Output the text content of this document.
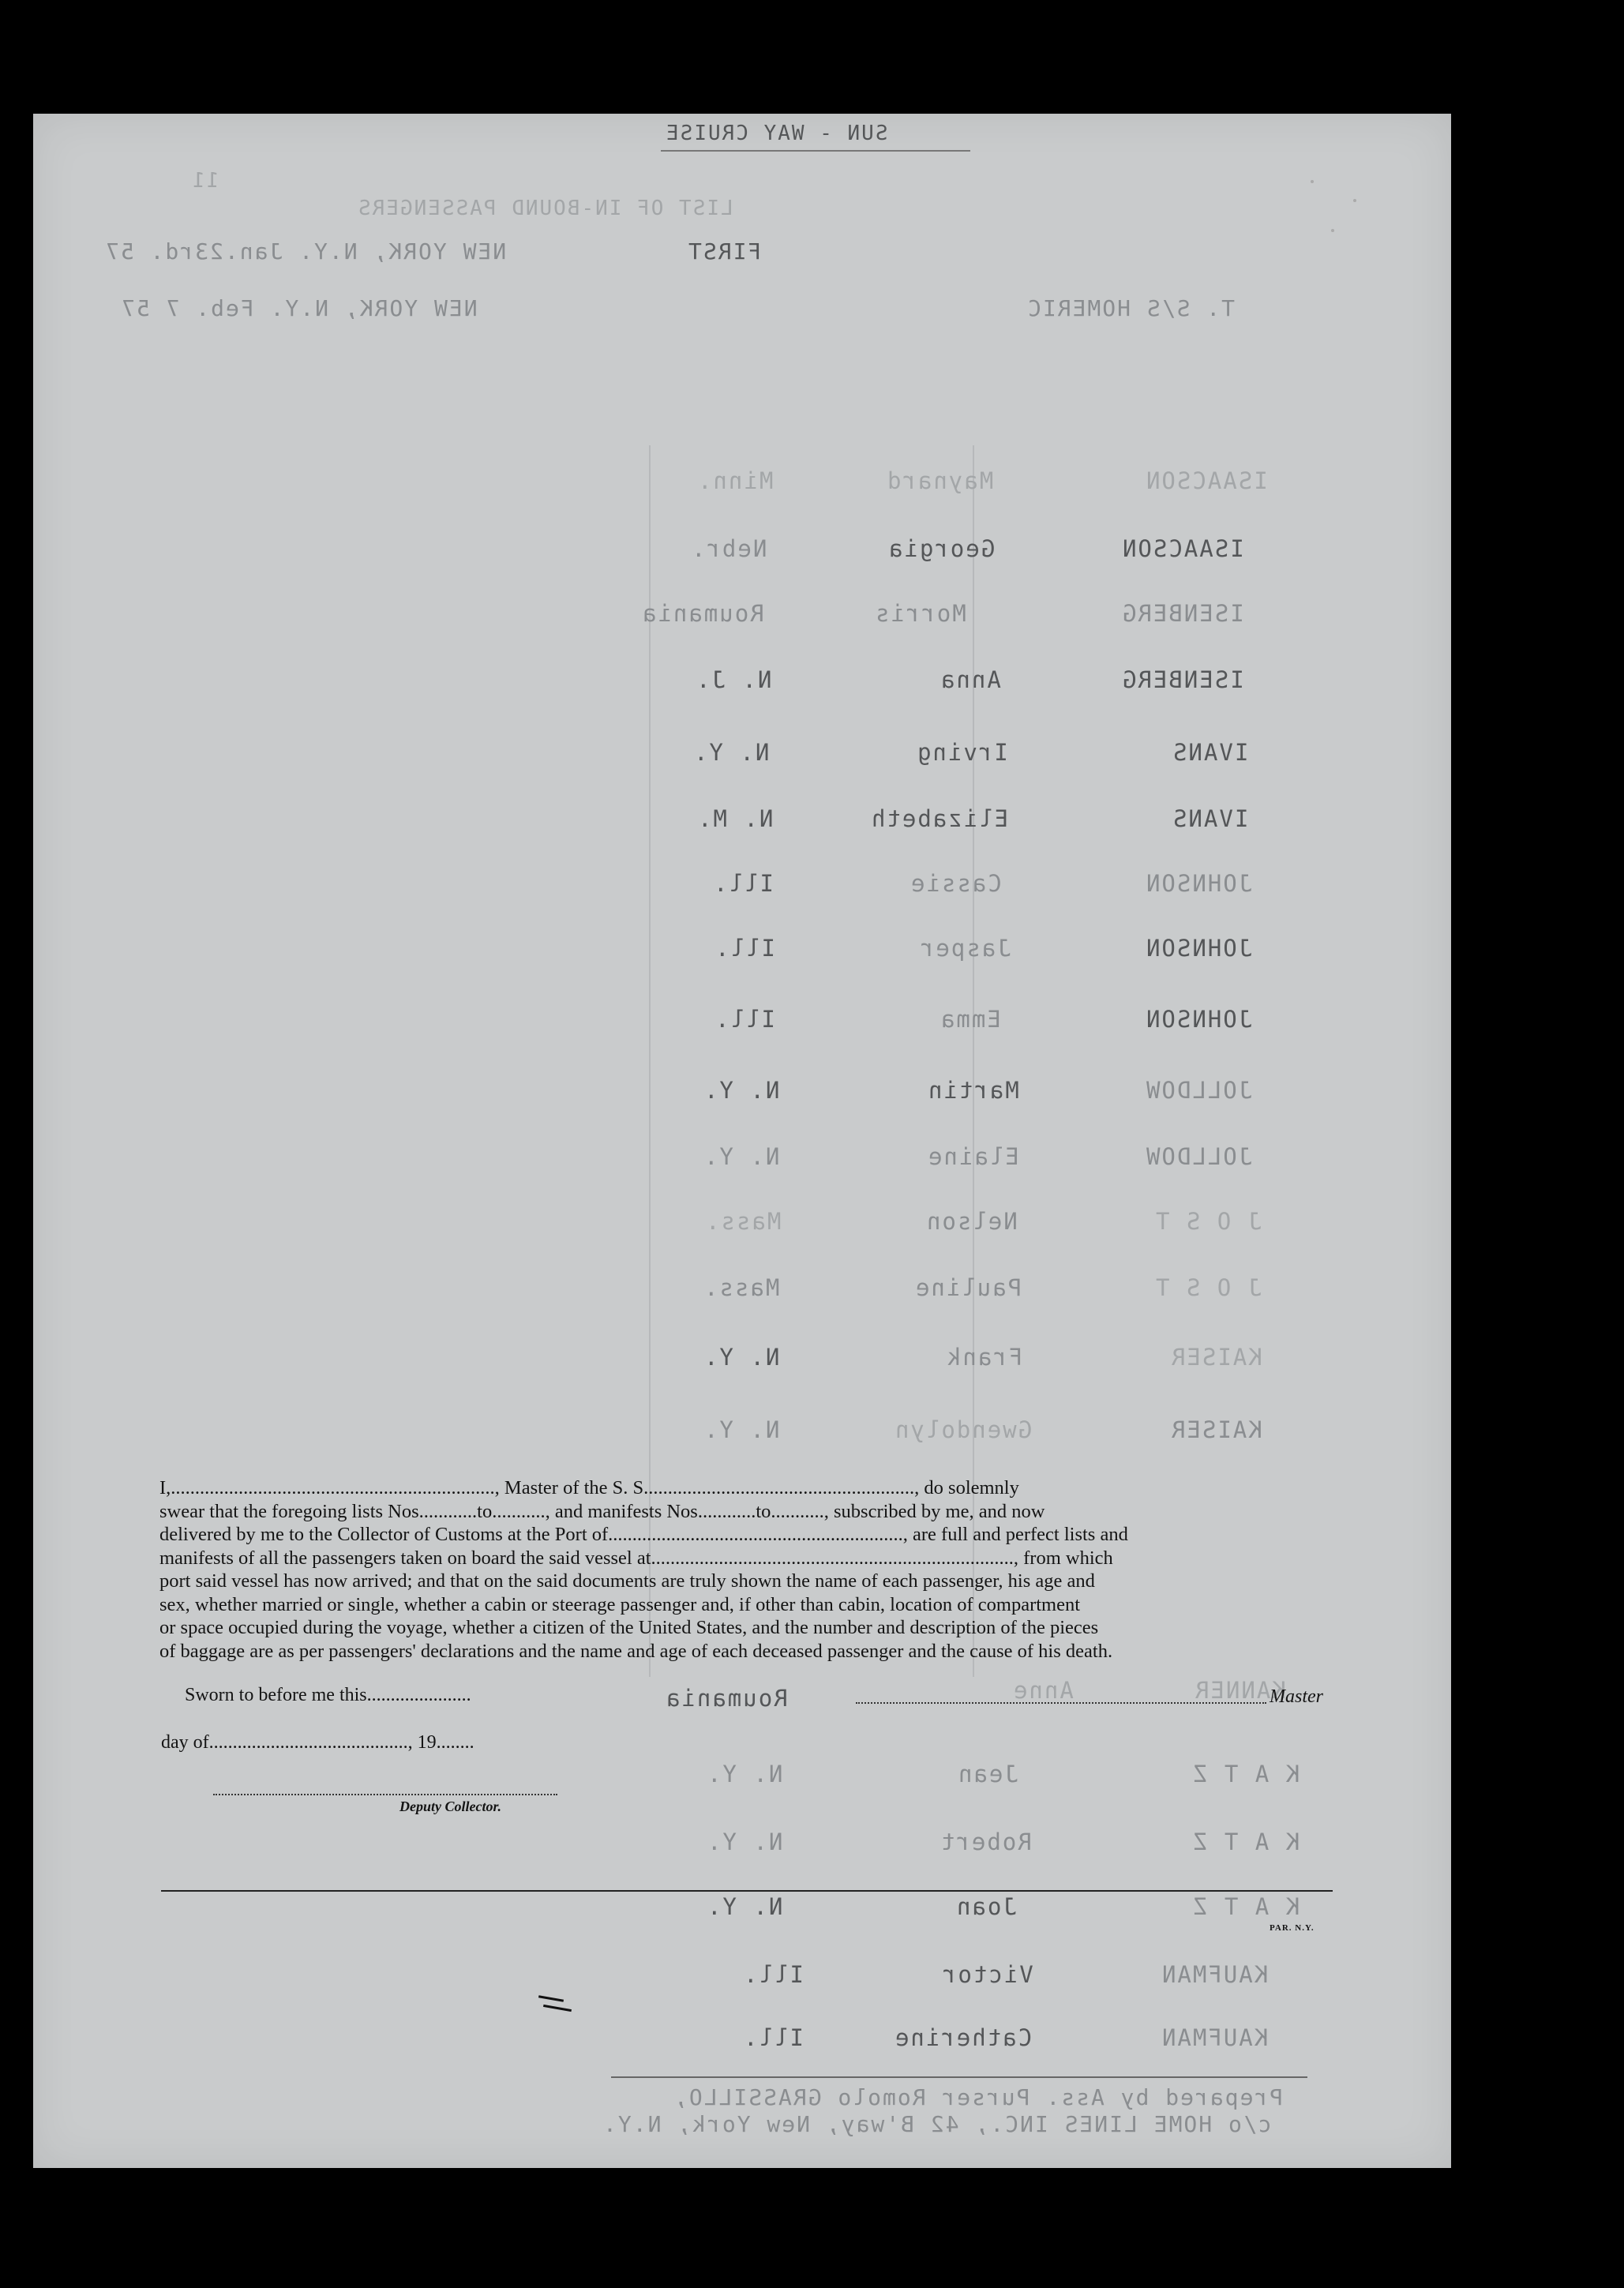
SUN - WAY CRUISE
11
LIST OF IN-BOUND PASSENGERS
FIRST
NEW YORK, N.Y. Jan.23rd. 57
NEW YORK, N.Y. Feb. 7 57	T. S/S HOMERIC
ISAACSON
Maynard
Minn.
ISAACSON
Georgia
Nebr.
ISENBERG
Morris
Roumania
ISENBERG
Anna
N. J.
IVANS
Irving
N. Y.
IVANS
Elizabeth
N. M.
JOHNSON
Cassie
Ill.
JOHNSON
Jasper
Ill.
JOHNSON
Emma
Ill.
JOLLDOW
Martin
N. Y.
JOLLDOW
Elaine
N. Y.
J O S T
Nelson
Mass.
J O S T
Pauline
Mass.
KAISER
Frank
N. Y.
KAISER
Gwendolyn
N. Y.
KANNER
Anne
Roumania
K A T Z
Jean
N. Y.
K A T Z
Robert
N. Y.
K A T Z
Joan
N. Y.
KAUFMAN
Victor
Ill.
KAUFMAN
Catherine
Ill.
Prepared by Ass. Purser Romolo GRASSILLO,
c/o HOME LINES INC., 42 B'way, New York, N.Y.

I,..................................................................., Master of the S. S........................................................, do solemnly

swear that the foregoing lists Nos............to..........., and manifests Nos............to..........., subscribed by me, and now

delivered by me to the Collector of Customs at the Port of............................................................., are full and perfect lists and

manifests of all the passengers taken on board the said vessel at..........................................................................., from which

port said vessel has now arrived; and that on the said documents are truly shown the name of each passenger, his age and

sex, whether married or single, whether a cabin or steerage passenger and, if other than cabin, location of compartment

or space occupied during the voyage, whether a citizen of the United States, and the number and description of the pieces

of baggage are as per passengers' declarations and the name and age of each deceased passenger and the cause of his death.

Sworn to before me this......................
day of.........................................., 19........
Deputy Collector.
Master
PAR. N.Y.
